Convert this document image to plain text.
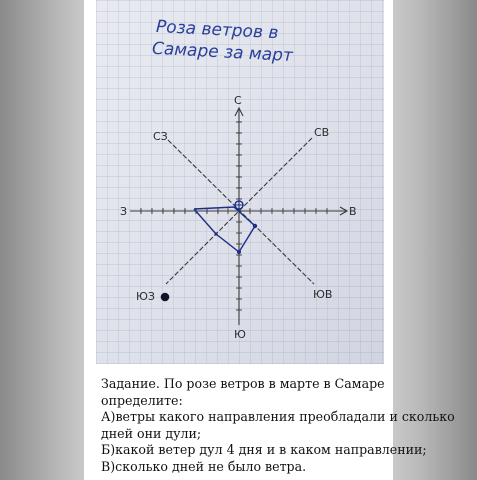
Роза ветров в
Самаре за март
С
Ю
В
З
СВ
СЗ
ЮВ
ЮЗ
Задание. По розе ветров в марте в Самаре
определите:
А)ветры какого направления преобладали и сколько
дней они дули;
Б)какой ветер дул 4 дня и в каком направлении;
В)сколько дней не было ветра.
